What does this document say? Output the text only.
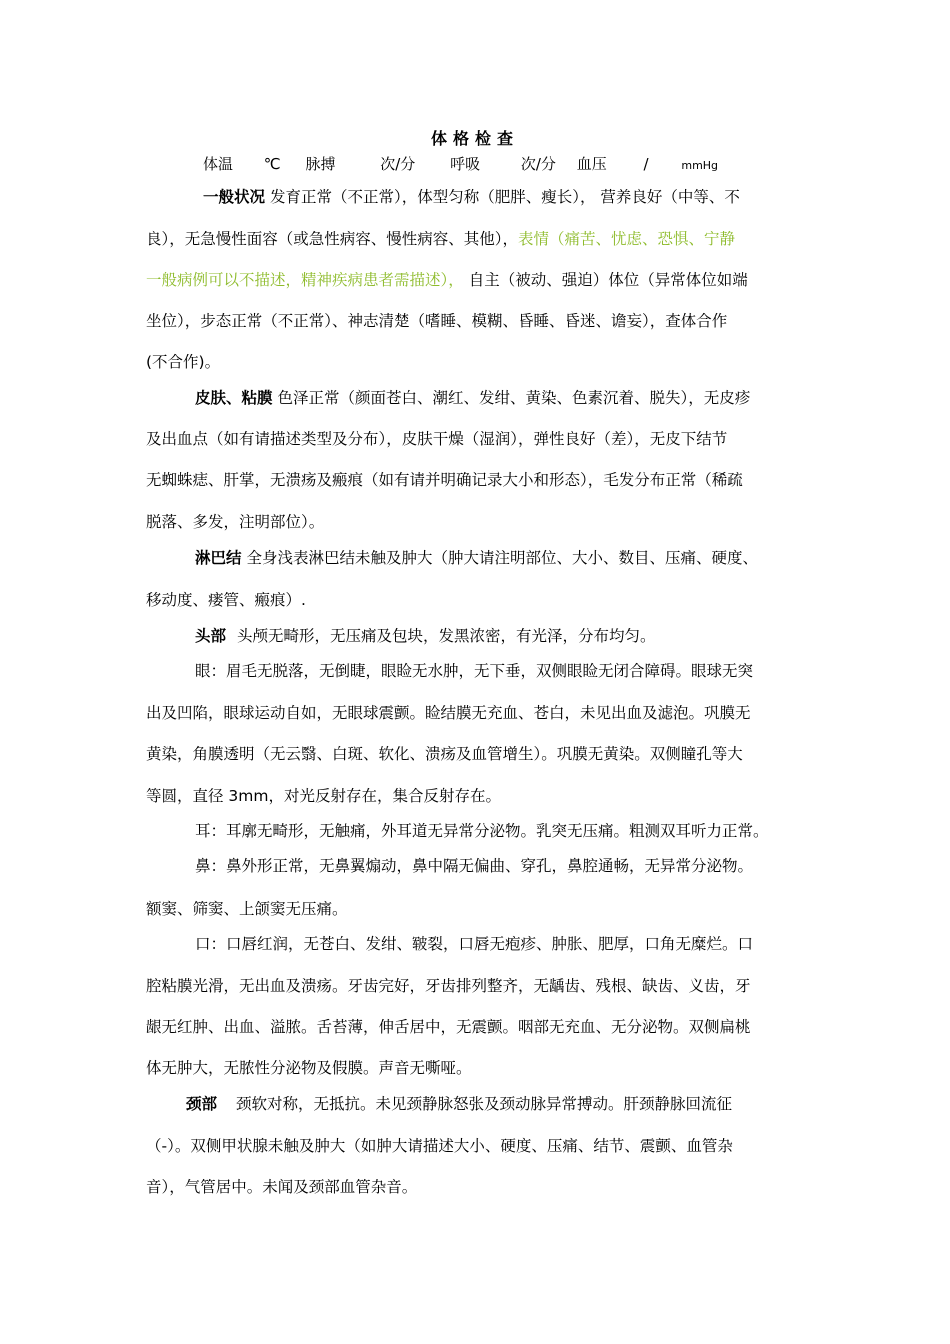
体格检查
体温 ℃ 脉搏	次/分 呼吸	次/分 血压 /	mmHg
一般状况 发育正常（不正常），体型匀称（肥胖、瘦长）， 营养良好（中等、不
良），无急慢性面容（或急性病容、慢性病容、其他），表情（痛苦、忧虑、恐惧、宁静
一般病例可以不描述，精神疾病患者需描述）， 自主（被动、强迫）体位（异常体位如端
坐位），步态正常（不正常）、神志清楚（嗜睡、模糊、昏睡、昏迷、谵妄），查体合作
(不合作)。
皮肤、粘膜 色泽正常（颜面苍白、潮红、发绀、黄染、色素沉着、脱失），无皮疹
及出血点（如有请描述类型及分布），皮肤干燥（湿润），弹性良好（差），无皮下结节
无蜘蛛痣、肝掌，无溃疡及瘢痕（如有请并明确记录大小和形态），毛发分布正常（稀疏
脱落、多发，注明部位）。
淋巴结 全身浅表淋巴结未触及肿大（肿大请注明部位、大小、数目、压痛、硬度、
移动度、瘘管、瘢痕）.
头部 头颅无畸形，无压痛及包块，发黑浓密，有光泽，分布均匀。
眼：眉毛无脱落，无倒睫，眼睑无水肿，无下垂，双侧眼睑无闭合障碍。眼球无突
出及凹陷，眼球运动自如，无眼球震颤。睑结膜无充血、苍白，未见出血及滤泡。巩膜无
黄染，角膜透明（无云翳、白斑、软化、溃疡及血管增生）。巩膜无黄染。双侧瞳孔等大
等圆，直径 3mm，对光反射存在，集合反射存在。
耳：耳廓无畸形，无触痛，外耳道无异常分泌物。乳突无压痛。粗测双耳听力正常。
鼻：鼻外形正常，无鼻翼煽动，鼻中隔无偏曲、穿孔，鼻腔通畅，无异常分泌物。
额窦、筛窦、上颌窦无压痛。
口：口唇红润，无苍白、发绀、皲裂，口唇无疱疹、肿胀、肥厚，口角无糜烂。口
腔粘膜光滑，无出血及溃疡。牙齿完好，牙齿排列整齐，无龋齿、残根、缺齿、义齿，牙
龈无红肿、出血、溢脓。舌苔薄，伸舌居中，无震颤。咽部无充血、无分泌物。双侧扁桃
体无肿大，无脓性分泌物及假膜。声音无嘶哑。
颈部 颈软对称，无抵抗。未见颈静脉怒张及颈动脉异常搏动。肝颈静脉回流征
（-）。双侧甲状腺未触及肿大（如肿大请描述大小、硬度、压痛、结节、震颤、血管杂
音），气管居中。未闻及颈部血管杂音。
